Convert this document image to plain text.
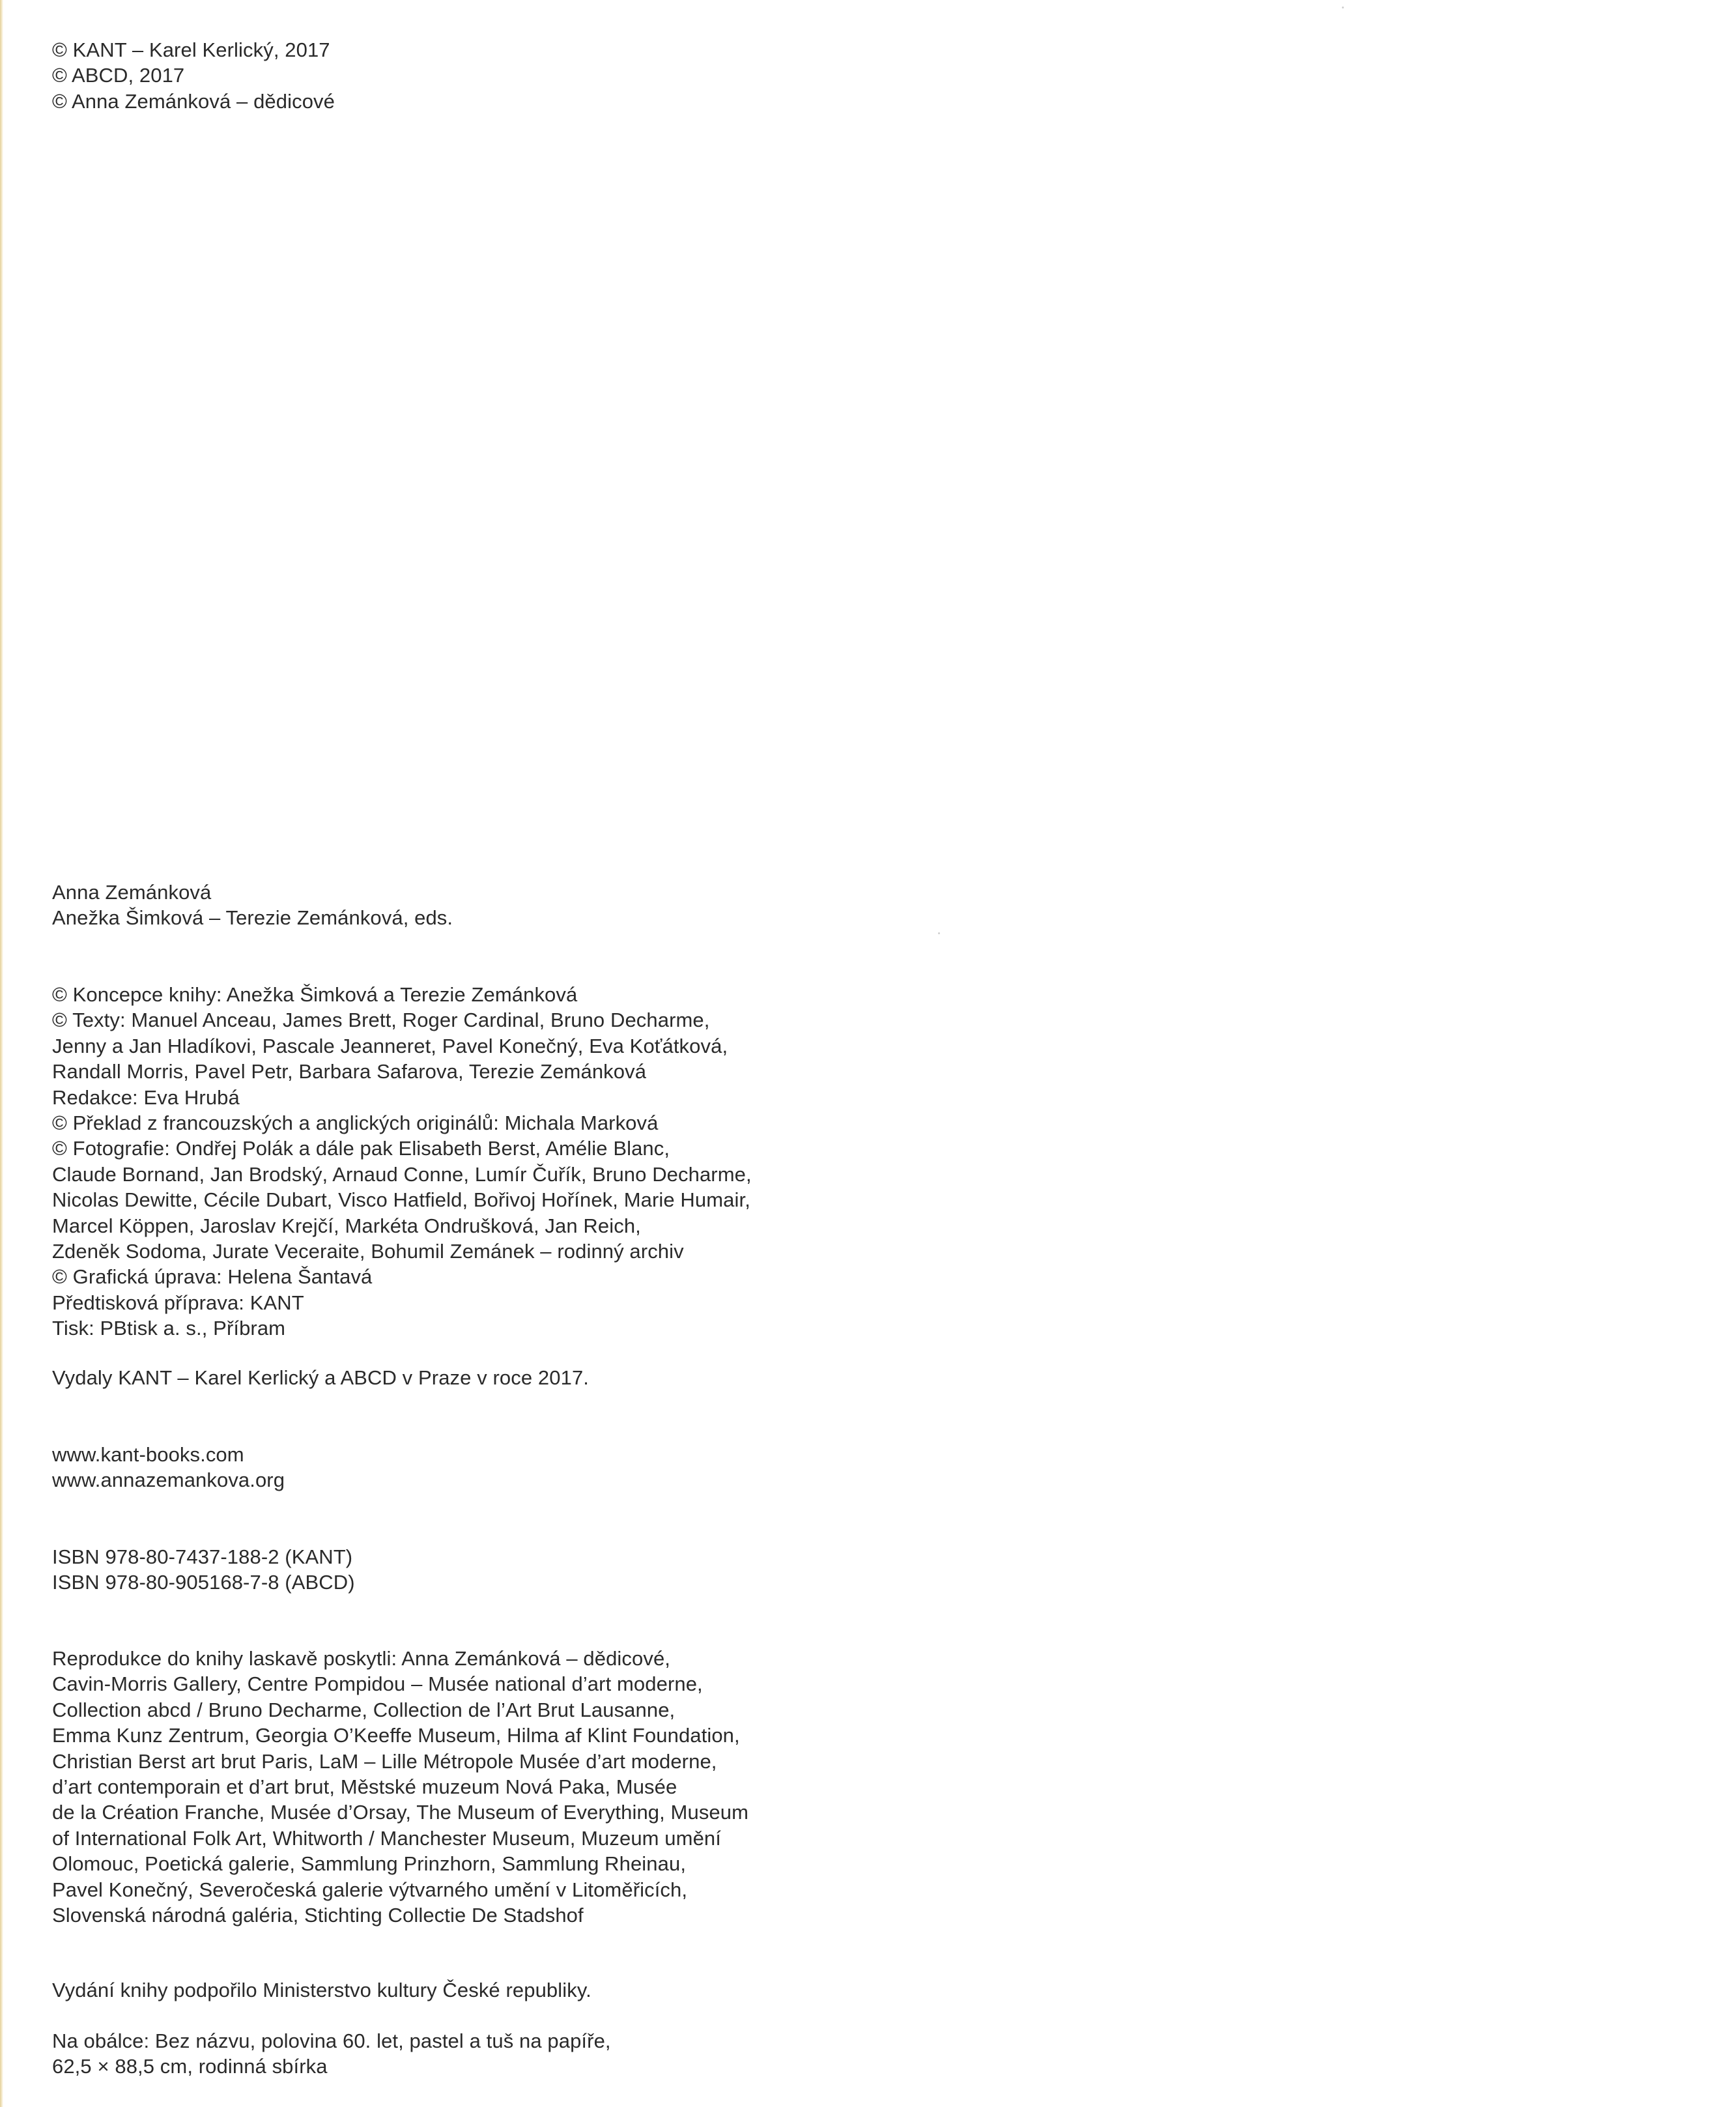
© KANT – Karel Kerlický, 2017
© ABCD, 2017
© Anna Zemánková – dědicové
Anna Zemánková
Anežka Šimková – Terezie Zemánková, eds.
© Koncepce knihy: Anežka Šimková a Terezie Zemánková
© Texty: Manuel Anceau, James Brett, Roger Cardinal, Bruno Decharme,
Jenny a Jan Hladíkovi, Pascale Jeanneret, Pavel Konečný, Eva Koťátková,
Randall Morris, Pavel Petr, Barbara Safarova, Terezie Zemánková
Redakce: Eva Hrubá
© Překlad z francouzských a anglických originálů: Michala Marková
© Fotografie: Ondřej Polák a dále pak Elisabeth Berst, Amélie Blanc,
Claude Bornand, Jan Brodský, Arnaud Conne, Lumír Čuřík, Bruno Decharme,
Nicolas Dewitte, Cécile Dubart, Visco Hatfield, Bořivoj Hořínek, Marie Humair,
Marcel Köppen, Jaroslav Krejčí, Markéta Ondrušková, Jan Reich,
Zdeněk Sodoma, Jurate Veceraite, Bohumil Zemánek – rodinný archiv
© Grafická úprava: Helena Šantavá
Předtisková příprava: KANT
Tisk: PBtisk a. s., Příbram
Vydaly KANT – Karel Kerlický a ABCD v Praze v roce 2017.
www.kant-books.com
www.annazemankova.org
ISBN 978-80-7437-188-2 (KANT)
ISBN 978-80-905168-7-8 (ABCD)
Reprodukce do knihy laskavě poskytli: Anna Zemánková – dědicové,
Cavin-Morris Gallery, Centre Pompidou – Musée national d’art moderne,
Collection abcd / Bruno Decharme, Collection de l’Art Brut Lausanne,
Emma Kunz Zentrum, Georgia O’Keeffe Museum, Hilma af Klint Foundation,
Christian Berst art brut Paris, LaM – Lille Métropole Musée d’art moderne,
d’art contemporain et d’art brut, Městské muzeum Nová Paka, Musée
de la Création Franche, Musée d’Orsay, The Museum of Everything, Museum
of International Folk Art, Whitworth / Manchester Museum, Muzeum umění
Olomouc, Poetická galerie, Sammlung Prinzhorn, Sammlung Rheinau,
Pavel Konečný, Severočeská galerie výtvarného umění v Litoměřicích,
Slovenská národná galéria, Stichting Collectie De Stadshof
Vydání knihy podpořilo Ministerstvo kultury České republiky.
Na obálce: Bez názvu, polovina 60. let, pastel a tuš na papíře,
62,5 × 88,5 cm, rodinná sbírka
